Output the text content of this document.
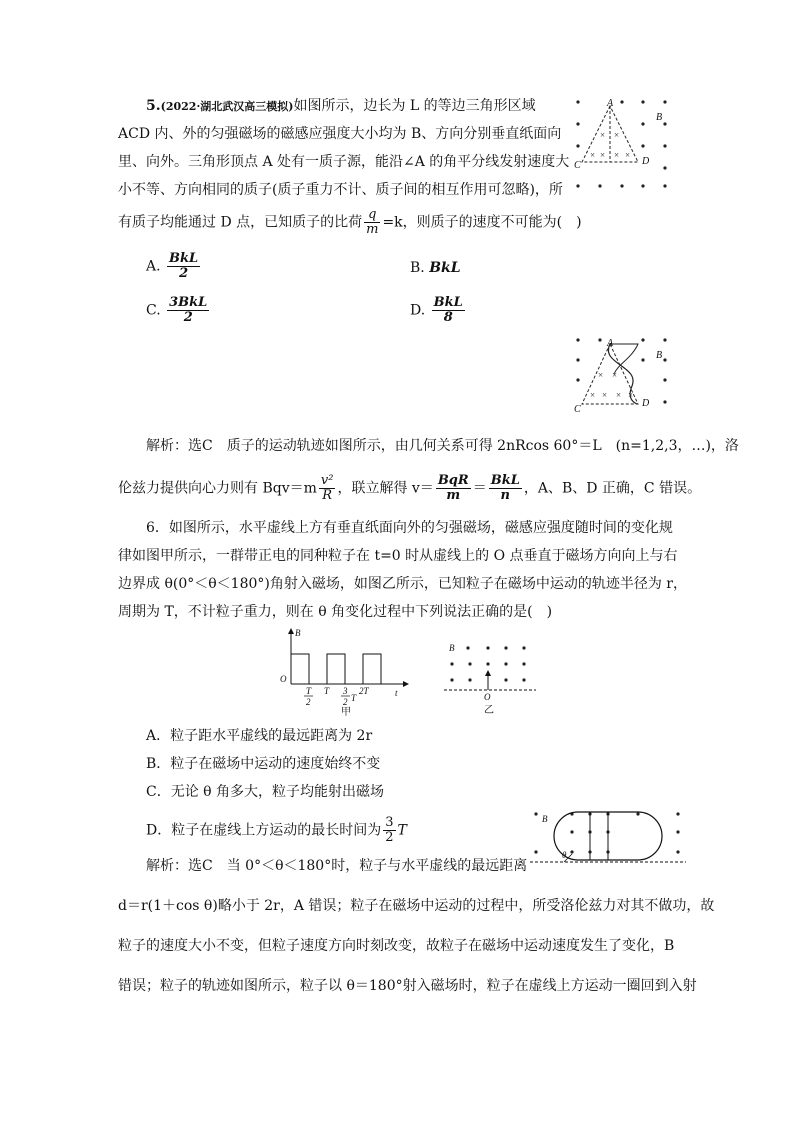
5.(2022·湖北武汉高三模拟)如图所示，边长为 L 的等边三角形区域
ACD 内、外的匀强磁场的磁感应强度大小均为 B、方向分别垂直纸面向
里、向外。三角形顶点 A 处有一质子源，能沿∠A 的角平分线发射速度大
小不等、方向相同的质子(质子重力不计、质子间的相互作用可忽略)，所
有质子均能通过 D 点，已知质子的比荷 $\frac{q}{m} =k$，则质子的速度不可能为(　)
A. $\frac{\text{BkL}}{2}$	B. BkL
C. $\frac{\text{3BkL}}{2}$	D. $\frac{\text{BkL}}{8}$
× ×
× × × ×
A
B
C	D
× ×
× × × ×
A
B
C
D
解析：选C　质子的运动轨迹如图所示，由几何关系可得 2nRcos 60°＝L　(n=1,2,3，…)，洛
伦兹力提供向心力则有 $Bqv=m \frac{\text{v²}}{R}$ ，联立解得 $v= \frac{\text{BqR}}{m} = \frac{\text{BkL}}{n}$ ，A、B、D 正确，C 错误。
6．如图所示，水平虚线上方有垂直纸面向外的匀强磁场，磁感应强度随时间的变化规
律如图甲所示，一群带正电的同种粒子在 t=0 时从虚线上的 O 点垂直于磁场方向向上与右
边界成 θ(0°＜θ＜180°)角射入磁场，如图乙所示，已知粒子在磁场中运动的轨迹半径为 r，
周期为 T，不计粒子重力，则在 θ 角变化过程中下列说法正确的是(　)
B
t
O
T
2
T 3
2 T
2T
甲
B
O
乙
A．粒子距水平虚线的最远距离为 2r
B．粒子在磁场中运动的速度始终不变
C．无论 θ 角多大，粒子均能射出磁场
D．粒子在虚线上方运动的最长时间为 $\frac{3}{2}$ T
B
θ
解析：选C　当 0°＜θ＜180°时，粒子与水平虚线的最远距离
d＝r(1＋cos θ)略小于 2r，A 错误；粒子在磁场中运动的过程中，所受洛伦兹力对其不做功，故
粒子的速度大小不变，但粒子速度方向时刻改变，故粒子在磁场中运动速度发生了变化，B
错误；粒子的轨迹如图所示，粒子以 θ＝180°射入磁场时，粒子在虚线上方运动一圈回到入射
